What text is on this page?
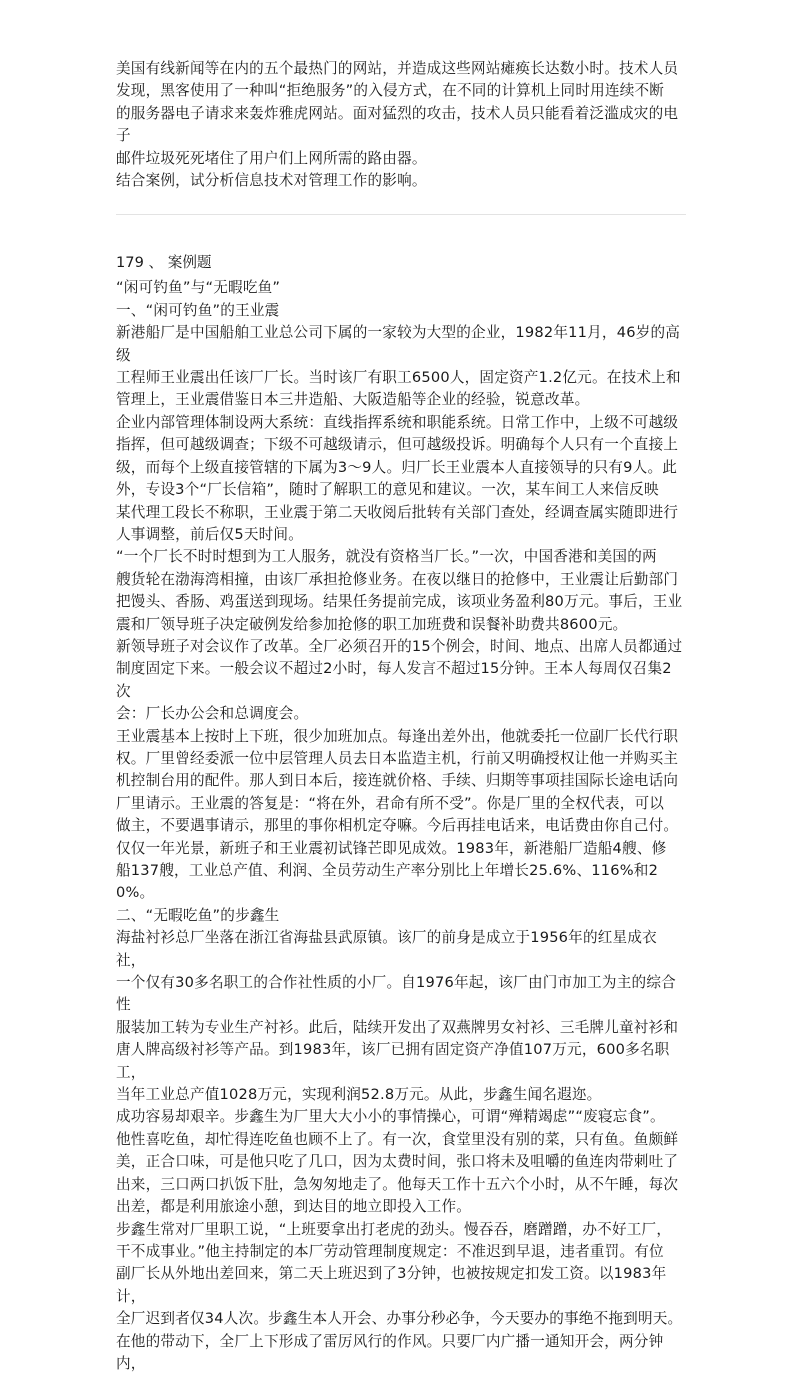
美国有线新闻等在内的五个最热门的网站，并造成这些网站瘫痪长达数小时。技术人员
发现，黑客使用了一种叫“拒绝服务”的入侵方式，在不同的计算机上同时用连续不断
的服务器电子请求来轰炸雅虎网站。面对猛烈的攻击，技术人员只能看着泛滥成灾的电子
邮件垃圾死死堵住了用户们上网所需的路由器。
结合案例，试分析信息技术对管理工作的影响。
179 、 案例题
“闲可钓鱼”与“无暇吃鱼”
一、“闲可钓鱼”的王业震
新港船厂是中国船舶工业总公司下属的一家较为大型的企业，1982年11月，46岁的高级
工程师王业震出任该厂厂长。当时该厂有职工6500人，固定资产1.2亿元。在技术上和
管理上，王业震借鉴日本三井造船、大阪造船等企业的经验，锐意改革。
企业内部管理体制设两大系统：直线指挥系统和职能系统。日常工作中，上级不可越级
指挥，但可越级调查；下级不可越级请示，但可越级投诉。明确每个人只有一个直接上
级，而每个上级直接管辖的下属为3～9人。归厂长王业震本人直接领导的只有9人。此
外，专设3个“厂长信箱”，随时了解职工的意见和建议。一次，某车间工人来信反映
某代理工段长不称职，王业震于第二天收阅后批转有关部门查处，经调查属实随即进行
人事调整，前后仅5天时间。
“一个厂长不时时想到为工人服务，就没有资格当厂长。”一次，中国香港和美国的两
艘货轮在渤海湾相撞，由该厂承担抢修业务。在夜以继日的抢修中，王业震让后勤部门
把馒头、香肠、鸡蛋送到现场。结果任务提前完成，该项业务盈利80万元。事后，王业
震和厂领导班子决定破例发给参加抢修的职工加班费和误餐补助费共8600元。
新领导班子对会议作了改革。全厂必须召开的15个例会，时间、地点、出席人员都通过
制度固定下来。一般会议不超过2小时，每人发言不超过15分钟。王本人每周仅召集2次
会：厂长办公会和总调度会。
王业震基本上按时上下班，很少加班加点。每逢出差外出，他就委托一位副厂长代行职
权。厂里曾经委派一位中层管理人员去日本监造主机，行前又明确授权让他一并购买主
机控制台用的配件。那人到日本后，接连就价格、手续、归期等事项挂国际长途电话向
厂里请示。王业震的答复是：“将在外，君命有所不受”。你是厂里的全权代表，可以
做主，不要遇事请示，那里的事你相机定夺嘛。今后再挂电话来，电话费由你自己付。
仅仅一年光景，新班子和王业震初试锋芒即见成效。1983年，新港船厂造船4艘、修
船137艘，工业总产值、利润、全员劳动生产率分别比上年增长25.6%、116%和20%。
二、“无暇吃鱼”的步鑫生
海盐衬衫总厂坐落在浙江省海盐县武原镇。该厂的前身是成立于1956年的红星成衣社，
一个仅有30多名职工的合作社性质的小厂。自1976年起，该厂由门市加工为主的综合性
服装加工转为专业生产衬衫。此后，陆续开发出了双燕牌男女衬衫、三毛牌儿童衬衫和
唐人牌高级衬衫等产品。到1983年，该厂已拥有固定资产净值107万元，600多名职工，
当年工业总产值1028万元，实现利润52.8万元。从此，步鑫生闻名遐迩。
成功容易却艰辛。步鑫生为厂里大大小小的事情操心，可谓“殚精竭虑”“废寝忘食”。
他性喜吃鱼，却忙得连吃鱼也顾不上了。有一次，食堂里没有别的菜，只有鱼。鱼颇鲜
美，正合口味，可是他只吃了几口，因为太费时间，张口将未及咀嚼的鱼连肉带刺吐了
出来，三口两口扒饭下肚，急匆匆地走了。他每天工作十五六个小时，从不午睡，每次
出差，都是利用旅途小憩，到达目的地立即投入工作。
步鑫生常对厂里职工说，“上班要拿出打老虎的劲头。慢吞吞，磨蹭蹭，办不好工厂，
干不成事业。”他主持制定的本厂劳动管理制度规定：不准迟到早退，违者重罚。有位
副厂长从外地出差回来，第二天上班迟到了3分钟，也被按规定扣发工资。以1983年计，
全厂迟到者仅34人次。步鑫生本人开会、办事分秒必争，今天要办的事绝不拖到明天。
在他的带动下，全厂上下形成了雷厉风行的作风。只要厂内广播一通知开会，两分钟内，
